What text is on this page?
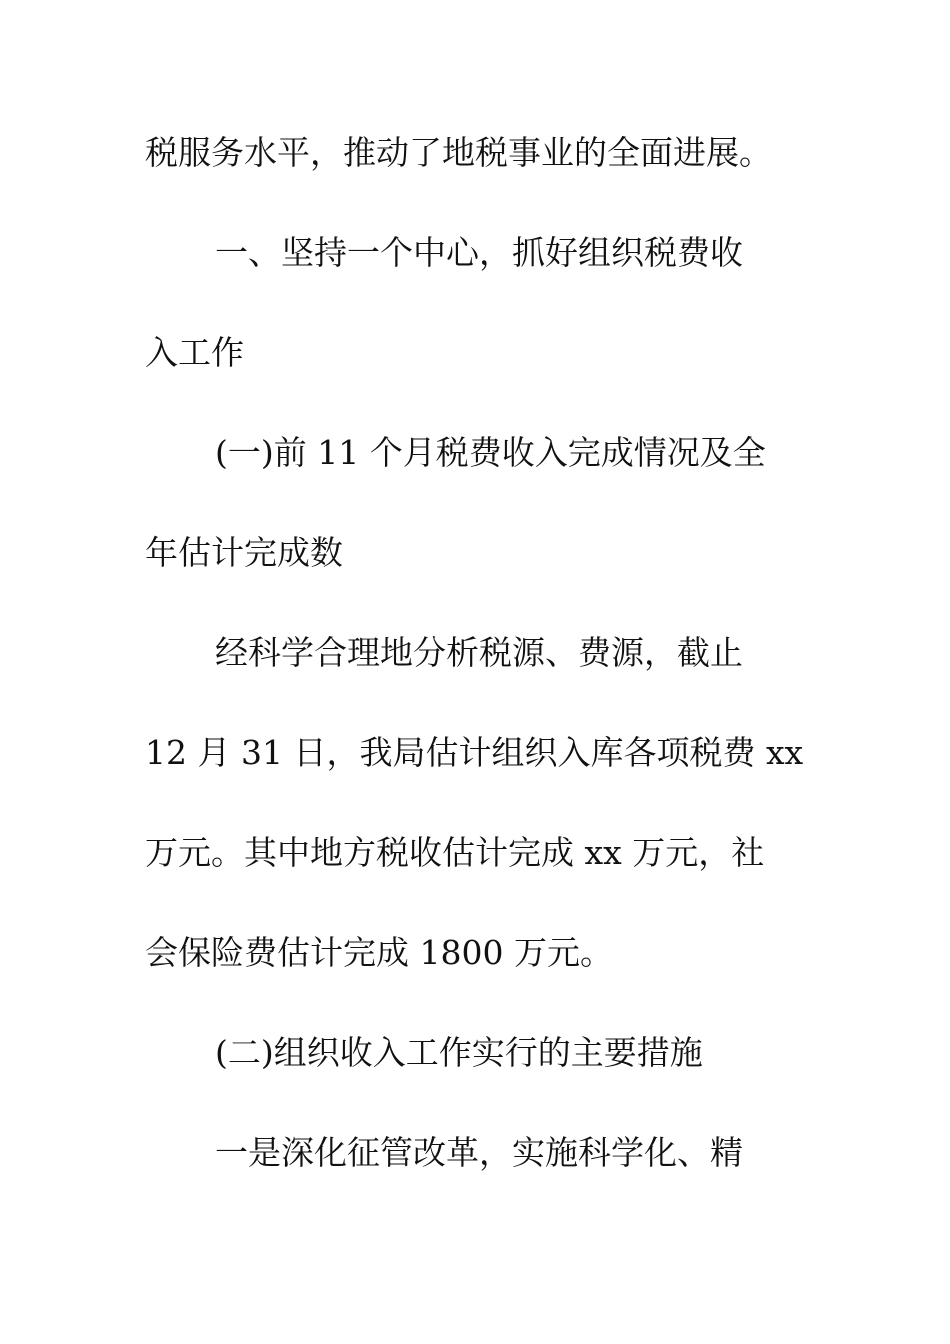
税服务水平，推动了地税事业的全面进展。
一、坚持一个中心，抓好组织税费收
入工作
(一)前 11 个月税费收入完成情况及全
年估计完成数
经科学合理地分析税源、费源，截止
12 月 31 日，我局估计组织入库各项税费 xx
万元。其中地方税收估计完成 xx 万元，社
会保险费估计完成 1800 万元。
(二)组织收入工作实行的主要措施
一是深化征管改革，实施科学化、精
